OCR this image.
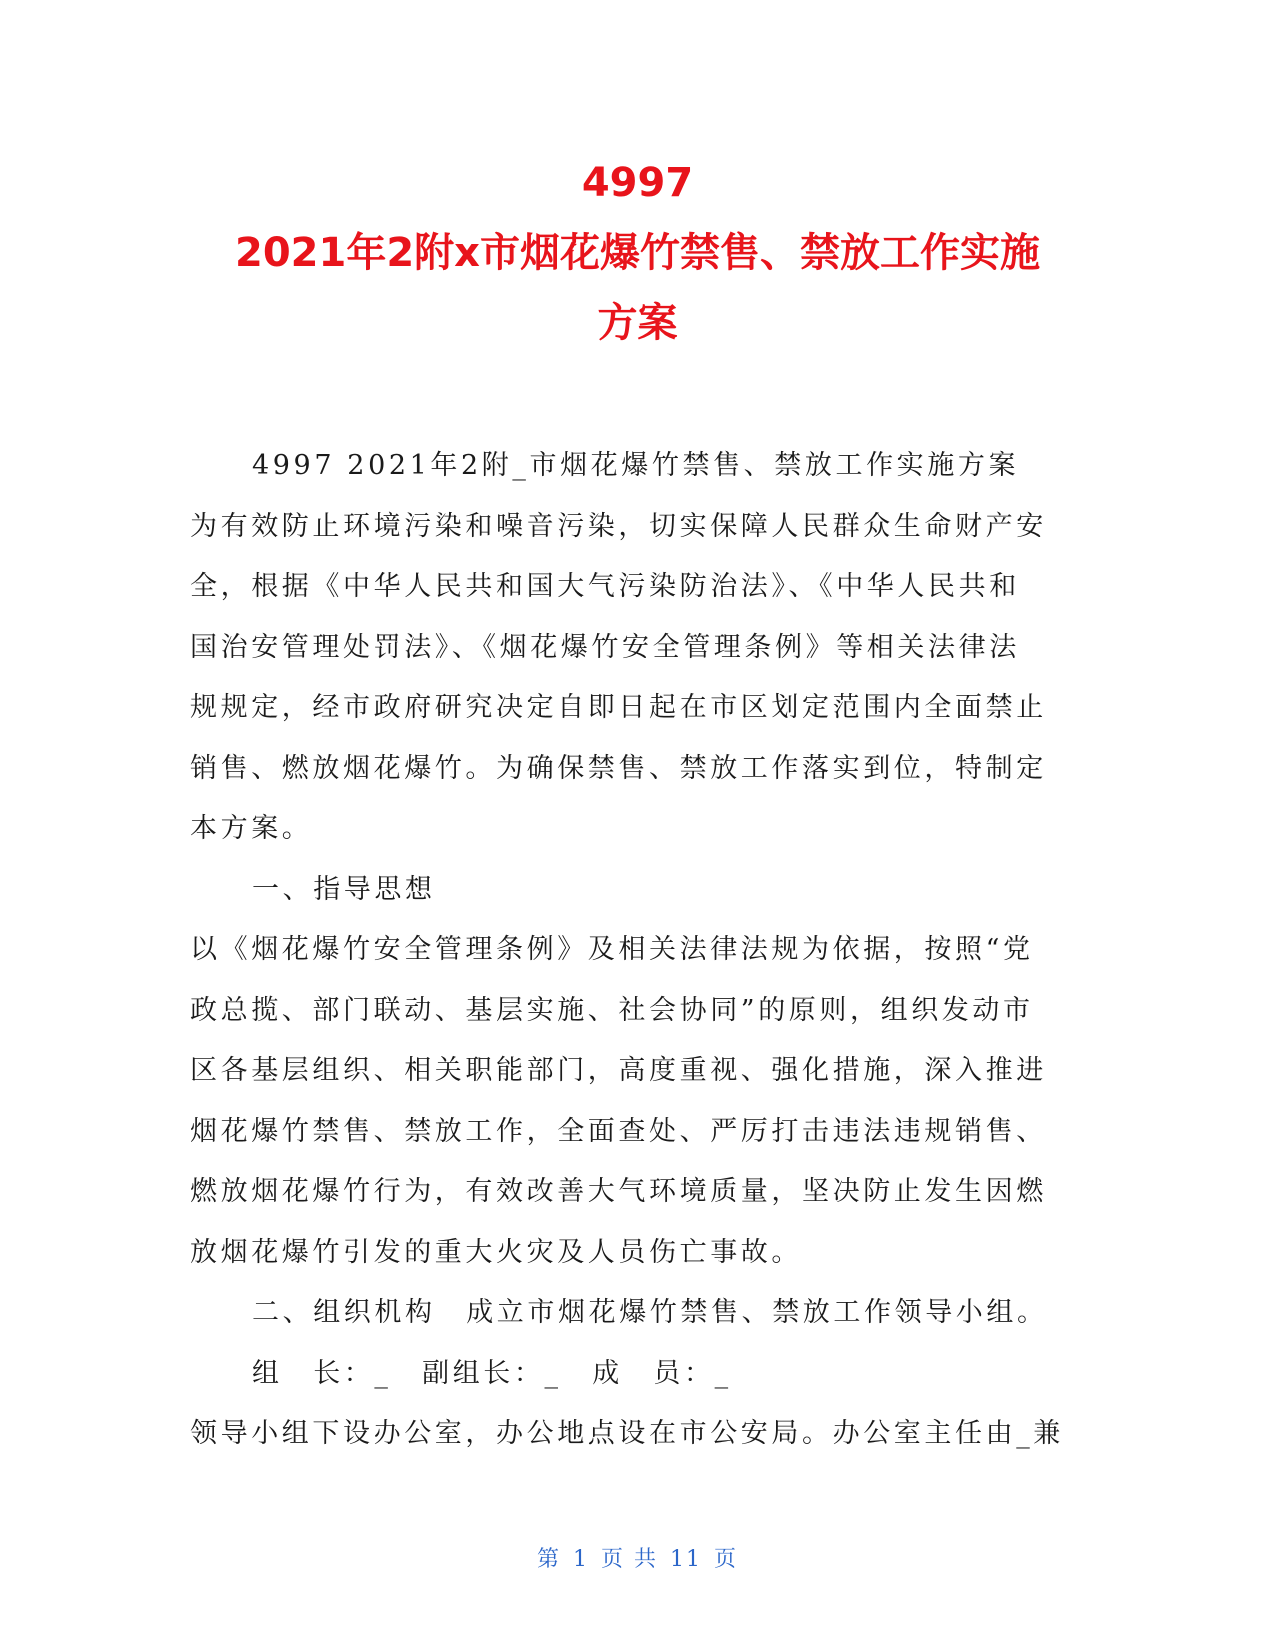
4997
2021年2附x市烟花爆竹禁售、禁放工作实施
方案
4997 2021年2附_市烟花爆竹禁售、禁放工作实施方案
为有效防止环境污染和噪音污染，切实保障人民群众生命财产安
全，根据《中华人民共和国大气污染防治法》、《中华人民共和
国治安管理处罚法》、《烟花爆竹安全管理条例》等相关法律法
规规定，经市政府研究决定自即日起在市区划定范围内全面禁止
销售、燃放烟花爆竹。为确保禁售、禁放工作落实到位，特制定
本方案。
一、指导思想
以《烟花爆竹安全管理条例》及相关法律法规为依据，按照“党
政总揽、部门联动、基层实施、社会协同”的原则，组织发动市
区各基层组织、相关职能部门，高度重视、强化措施，深入推进
烟花爆竹禁售、禁放工作，全面查处、严厉打击违法违规销售、
燃放烟花爆竹行为，有效改善大气环境质量，坚决防止发生因燃
放烟花爆竹引发的重大火灾及人员伤亡事故。
二、组织机构　成立市烟花爆竹禁售、禁放工作领导小组。
组　长：_　副组长：_　成　员：_
领导小组下设办公室，办公地点设在市公安局。办公室主任由_兼
第 1 页 共 11 页
